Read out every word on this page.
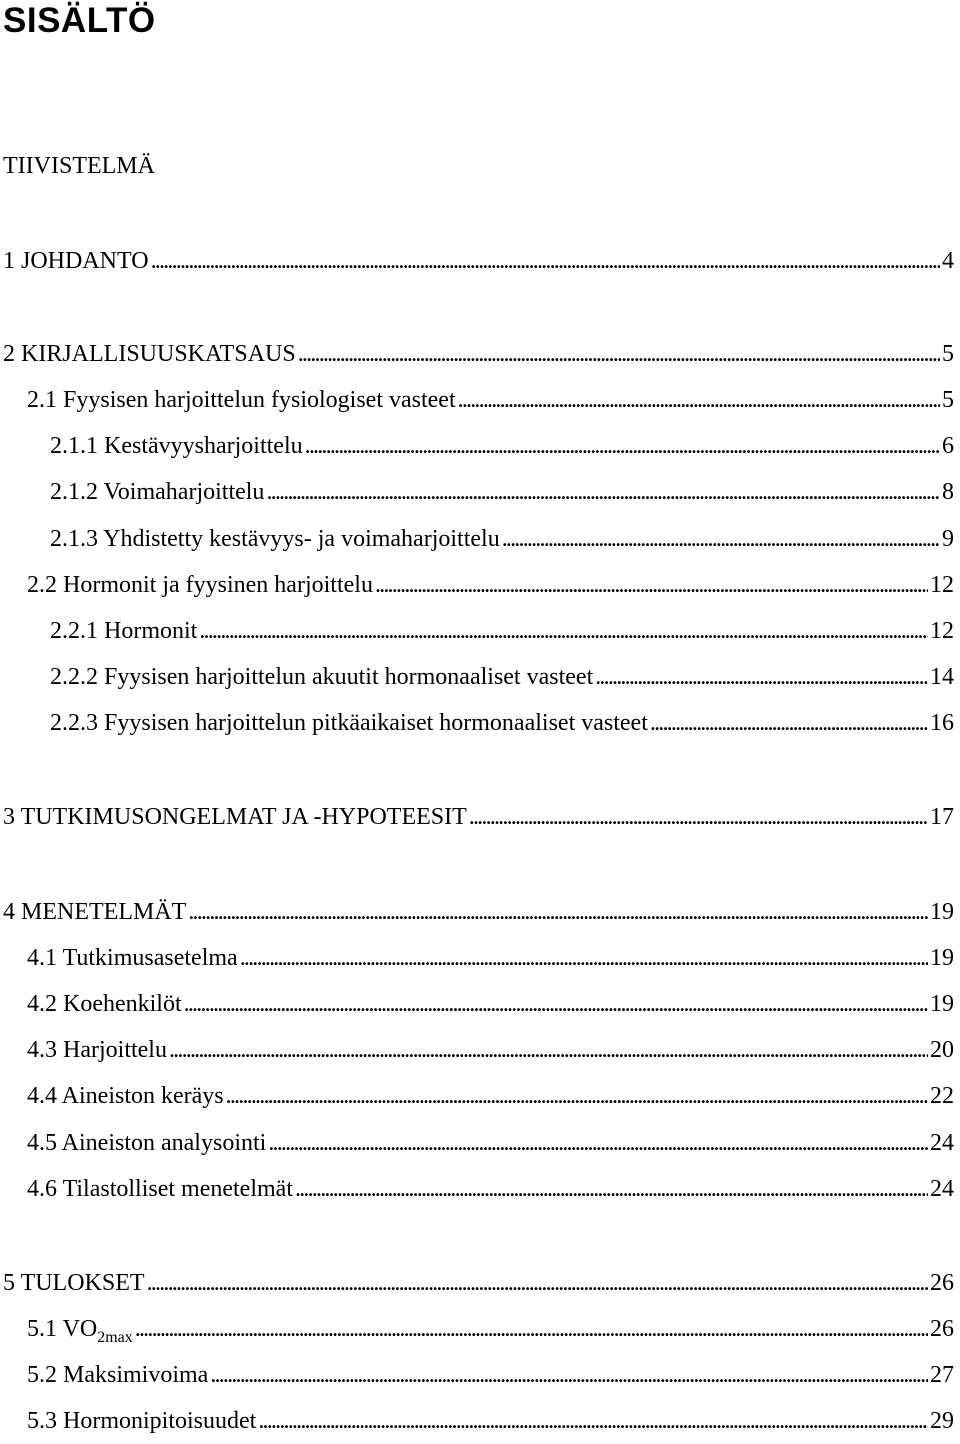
SISÄLTÖ
TIIVISTELMÄ
1 JOHDANTO . . .	4
2 KIRJALLISUUSKATSAUS . . .	5
2.1 Fyysisen harjoittelun fysiologiset vasteet . . .	5
2.1.1 Kestävyysharjoittelu . . .	6
2.1.2 Voimaharjoittelu . . .	8
2.1.3 Yhdistetty kestävyys- ja voimaharjoittelu . . .	9
2.2 Hormonit ja fyysinen harjoittelu . . .	12
2.2.1 Hormonit . . .	12
2.2.2 Fyysisen harjoittelun akuutit hormonaaliset vasteet . . .	14
2.2.3 Fyysisen harjoittelun pitkäaikaiset hormonaaliset vasteet . . .	16
3 TUTKIMUSONGELMAT JA -HYPOTEESIT . . .	17
4 MENETELMÄT . . .	19
4.1 Tutkimusasetelma . . .	19
4.2 Koehenkilöt . . .	19
4.3 Harjoittelu . . .	20
4.4 Aineiston keräys . . .	22
4.5 Aineiston analysointi . . .	24
4.6 Tilastolliset menetelmät . . .	24
5 TULOKSET . . .	26
5.1 $VO_{2max}$ . . .	26
5.2 Maksimivoima . . .	27
5.3 Hormonipitoisuudet . . .	29
